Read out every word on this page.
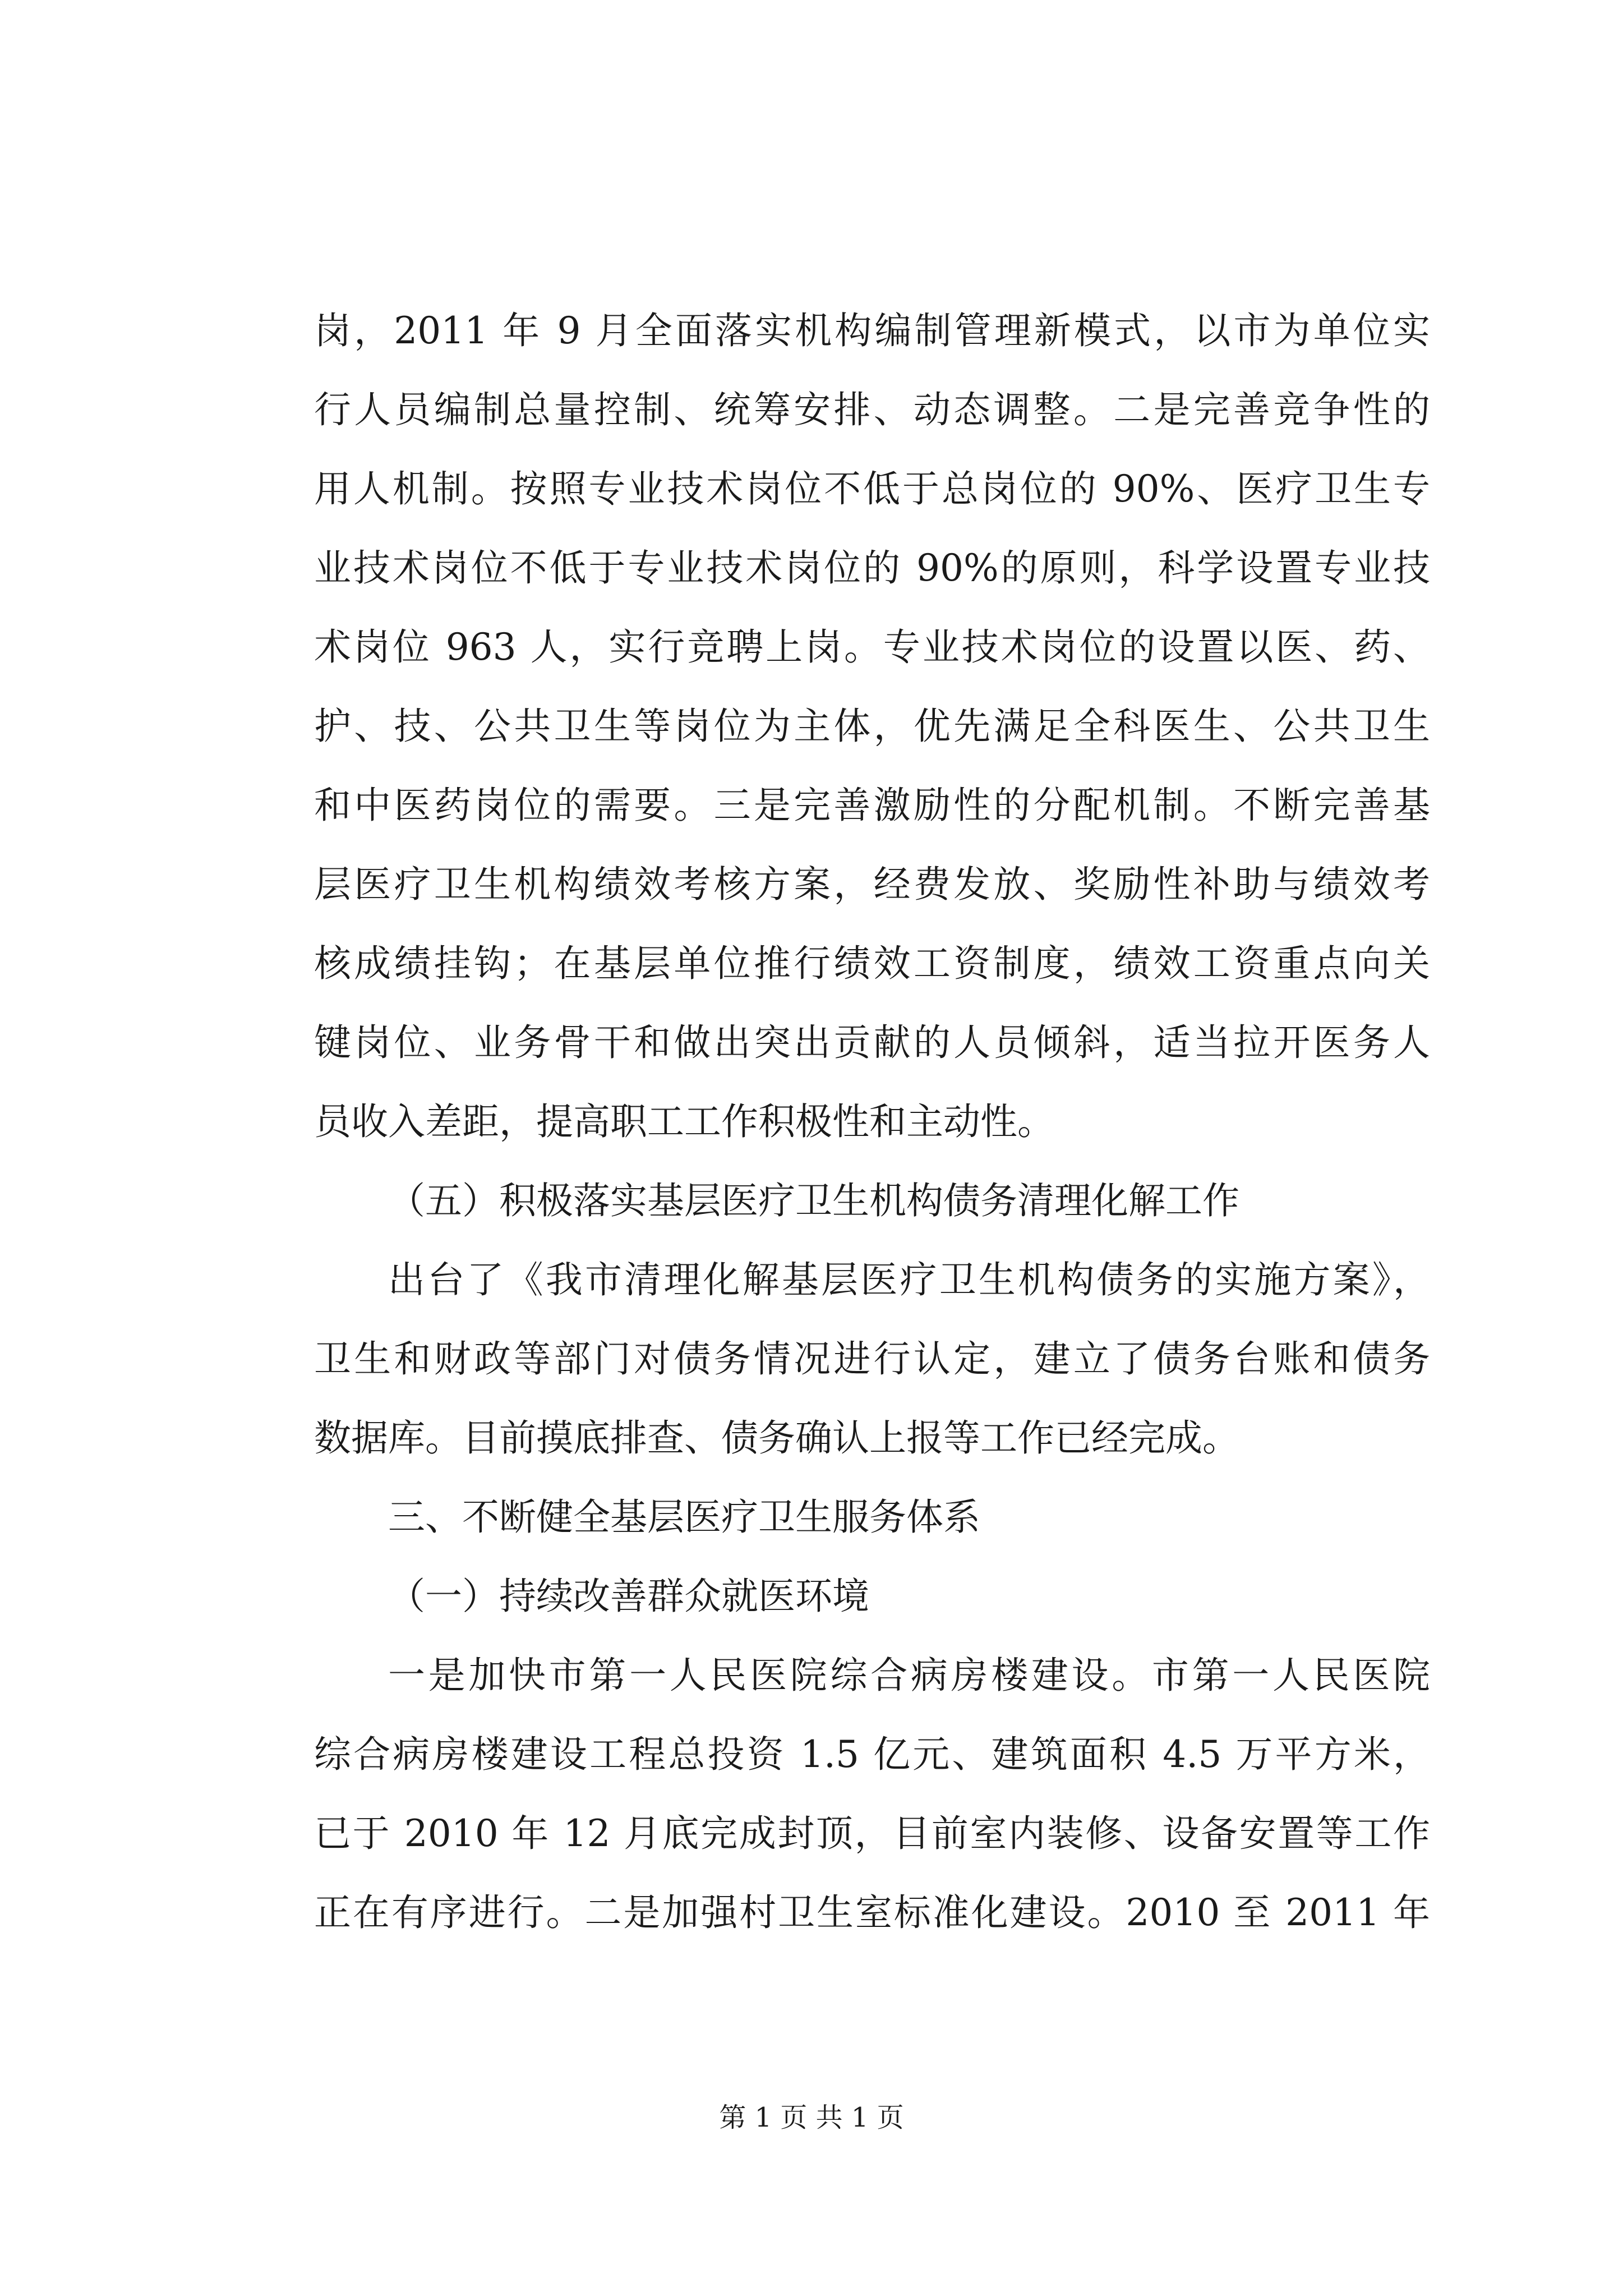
岗，2011 年 9 月全面落实机构编制管理新模式，以市为单位实
行人员编制总量控制、统筹安排、动态调整。二是完善竞争性的
用人机制。按照专业技术岗位不低于总岗位的 90%、医疗卫生专
业技术岗位不低于专业技术岗位的 90%的原则，科学设置专业技
术岗位 963 人，实行竞聘上岗。专业技术岗位的设置以医、药、
护、技、公共卫生等岗位为主体，优先满足全科医生、公共卫生
和中医药岗位的需要。三是完善激励性的分配机制。不断完善基
层医疗卫生机构绩效考核方案，经费发放、奖励性补助与绩效考
核成绩挂钩；在基层单位推行绩效工资制度，绩效工资重点向关
键岗位、业务骨干和做出突出贡献的人员倾斜，适当拉开医务人
员收入差距，提高职工工作积极性和主动性。
（五）积极落实基层医疗卫生机构债务清理化解工作
出台了《我市清理化解基层医疗卫生机构债务的实施方案》，
卫生和财政等部门对债务情况进行认定，建立了债务台账和债务
数据库。目前摸底排查、债务确认上报等工作已经完成。
三、不断健全基层医疗卫生服务体系
（一）持续改善群众就医环境
一是加快市第一人民医院综合病房楼建设。市第一人民医院
综合病房楼建设工程总投资 1.5 亿元、建筑面积 4.5 万平方米，
已于 2010 年 12 月底完成封顶，目前室内装修、设备安置等工作
正在有序进行。二是加强村卫生室标准化建设。2010 至 2011 年
第 1 页 共 1 页
